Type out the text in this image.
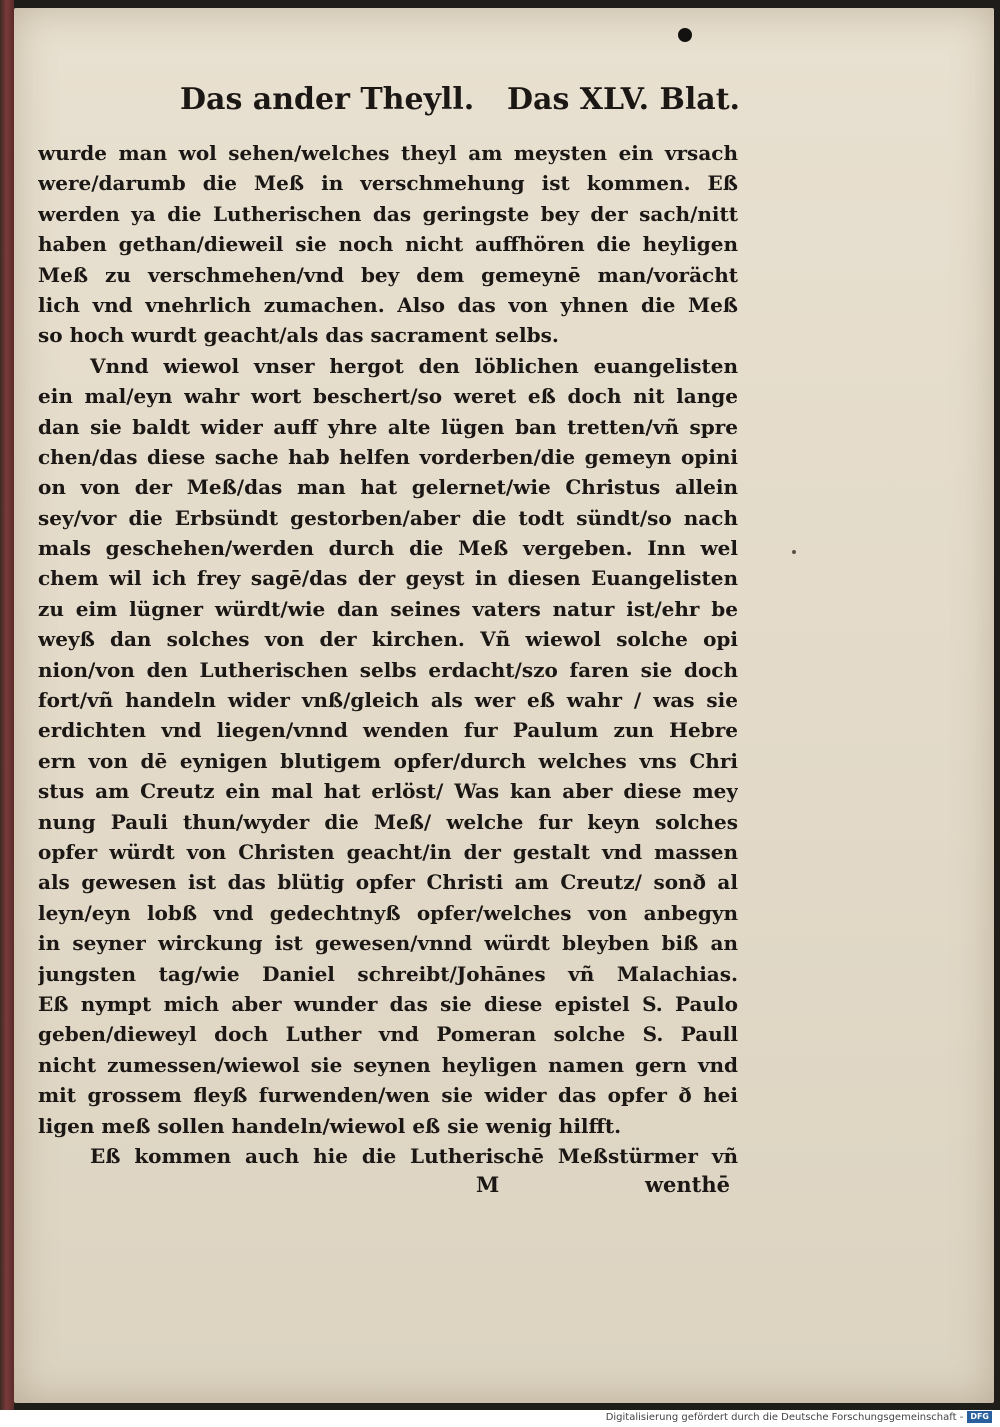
Das ander Theyll. Das XLV. Blat.
wurde man wol sehen/welches theyl am meysten ein vrsach
were/darumb die Meß in verschmehung ist kommen. Eß
werden ya die Lutherischen das geringste bey der sach/nitt
haben gethan/dieweil sie noch nicht auffhören die heyligen
Meß zu verschmehen/vnd bey dem gemeynē man/vorächt
lich vnd vnehrlich zumachen. Also das von yhnen die Meß
so hoch wurdt geacht/als das sacrament selbs.
Vnnd wiewol vnser hergot den löblichen euangelisten
ein mal/eyn wahr wort beschert/so weret eß doch nit lange
dan sie baldt wider auff yhre alte lügen ban tretten/vñ spre
chen/das diese sache hab helfen vorderben/die gemeyn opini
on von der Meß/das man hat gelernet/wie Christus allein
sey/vor die Erbsündt gestorben/aber die todt sündt/so nach
mals geschehen/werden durch die Meß vergeben. Inn wel
chem wil ich frey sagē/das der geyst in diesen Euangelisten
zu eim lügner würdt/wie dan seines vaters natur ist/ehr be
weyß dan solches von der kirchen. Vñ wiewol solche opi
nion/von den Lutherischen selbs erdacht/szo faren sie doch
fort/vñ handeln wider vnß/gleich als wer eß wahr / was sie
erdichten vnd liegen/vnnd wenden fur Paulum zun Hebre
ern von dē eynigen blutigem opfer/durch welches vns Chri
stus am Creutz ein mal hat erlöst/ Was kan aber diese mey
nung Pauli thun/wyder die Meß/ welche fur keyn solches
opfer würdt von Christen geacht/in der gestalt vnd massen
als gewesen ist das blütig opfer Christi am Creutz/ sonð al
leyn/eyn lobß vnd gedechtnyß opfer/welches von anbegyn
in seyner wirckung ist gewesen/vnnd würdt bleyben biß an
jungsten tag/wie Daniel schreibt/Johānes vñ Malachias.
Eß nympt mich aber wunder das sie diese epistel S. Paulo
geben/dieweyl doch Luther vnd Pomeran solche S. Paull
nicht zumessen/wiewol sie seynen heyligen namen gern vnd
mit grossem fleyß furwenden/wen sie wider das opfer ð hei
ligen meß sollen handeln/wiewol eß sie wenig hilfft.
Eß kommen auch hie die Lutherischē Meßstürmer vñ
M	wenthē
Digitalisierung gefördert durch die Deutsche Forschungsgemeinschaft - DFG
